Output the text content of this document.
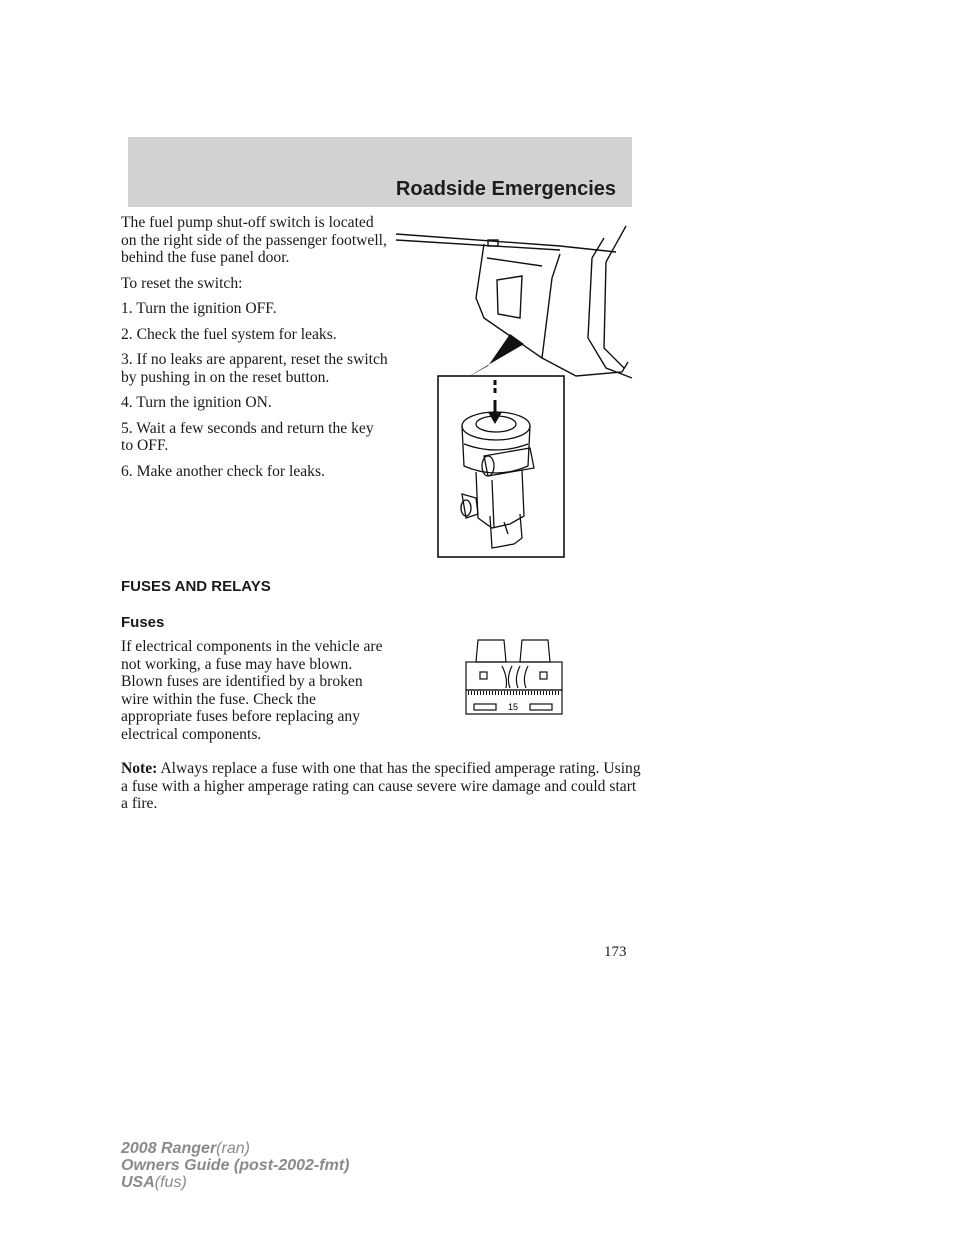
Roadside Emergencies

The fuel pump shut-off switch is located on the right side of the passenger footwell, behind the fuse panel door.

To reset the switch:

1. Turn the ignition OFF.

2. Check the fuel system for leaks.

3. If no leaks are apparent, reset the switch by pushing in on the reset button.

4. Turn the ignition ON.

5. Wait a few seconds and return the key to OFF.

6. Make another check for leaks.

FUSES AND RELAYS
Fuses

If electrical components in the vehicle are not working, a fuse may have blown. Blown fuses are identified by a broken wire within the fuse. Check the appropriate fuses before replacing any electrical components.

15
Note: Always replace a fuse with one that has the specified amperage rating. Using a fuse with a higher amperage rating can cause severe wire damage and could start a fire.
173
2008 Ranger(ran)
Owners Guide (post-2002-fmt)
USA(fus)
